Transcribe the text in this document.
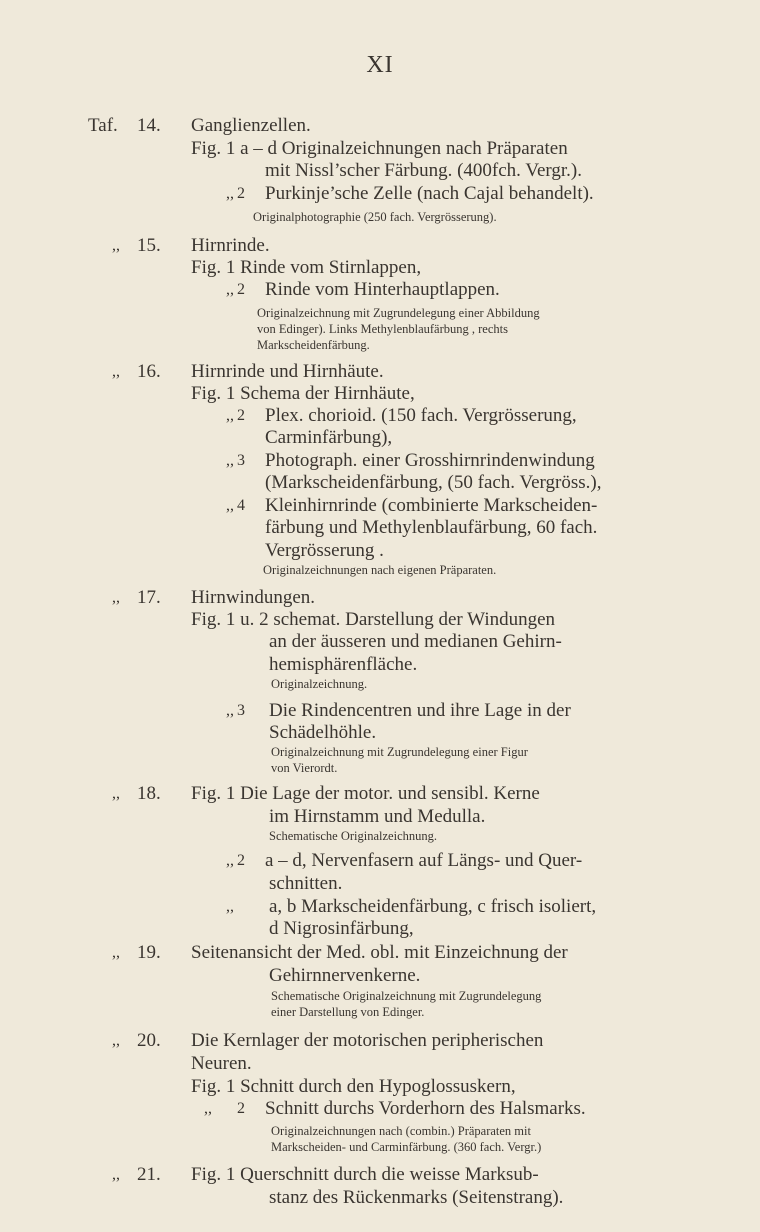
XI
Taf. 14. Ganglienzellen.
Fig. 1 a – d Originalzeichnungen nach Präparaten
mit Nissl’scher Färbung. (400fch. Vergr.).
,, 2 Purkinje’sche Zelle (nach Cajal behandelt).
Originalphotographie (250 fach. Vergrösserung).
,, 15. Hirnrinde.
Fig. 1 Rinde vom Stirnlappen,
,, 2 Rinde vom Hinterhauptlappen.
Originalzeichnung mit Zugrundelegung einer Abbildung
von Edinger). Links Methylenblaufärbung , rechts
Markscheidenfärbung.
,, 16. Hirnrinde und Hirnhäute.
Fig. 1 Schema der Hirnhäute,
,, 2 Plex. chorioid. (150 fach. Vergrösserung,
Carminfärbung),
,, 3 Photograph. einer Grosshirnrindenwindung
(Markscheidenfärbung, (50 fach. Vergröss.),
,, 4 Kleinhirnrinde (combinierte Markscheiden-
färbung und Methylenblaufärbung, 60 fach.
Vergrösserung .
Originalzeichnungen nach eigenen Präparaten.
,, 17. Hirnwindungen.
Fig. 1 u. 2 schemat. Darstellung der Windungen
an der äusseren und medianen Gehirn-
hemisphärenfläche.
Originalzeichnung.
,, 3 Die Rindencentren und ihre Lage in der
Schädelhöhle.
Originalzeichnung mit Zugrundelegung einer Figur
von Vierordt.
,, 18. Fig. 1 Die Lage der motor. und sensibl. Kerne
im Hirnstamm und Medulla.
Schematische Originalzeichnung.
,, 2 a – d, Nervenfasern auf Längs- und Quer-
schnitten.
,, a, b Markscheidenfärbung, c frisch isoliert,
d Nigrosinfärbung,
,, 19. Seitenansicht der Med. obl. mit Einzeichnung der
Gehirnnervenkerne.
Schematische Originalzeichnung mit Zugrundelegung
einer Darstellung von Edinger.
,, 20. Die Kernlager der motorischen peripherischen
Neuren.
Fig. 1 Schnitt durch den Hypoglossuskern,
,, 2 Schnitt durchs Vorderhorn des Halsmarks.
Originalzeichnungen nach (combin.) Präparaten mit
Markscheiden- und Carminfärbung. (360 fach. Vergr.)
,, 21. Fig. 1 Querschnitt durch die weisse Marksub-
stanz des Rückenmarks (Seitenstrang).
